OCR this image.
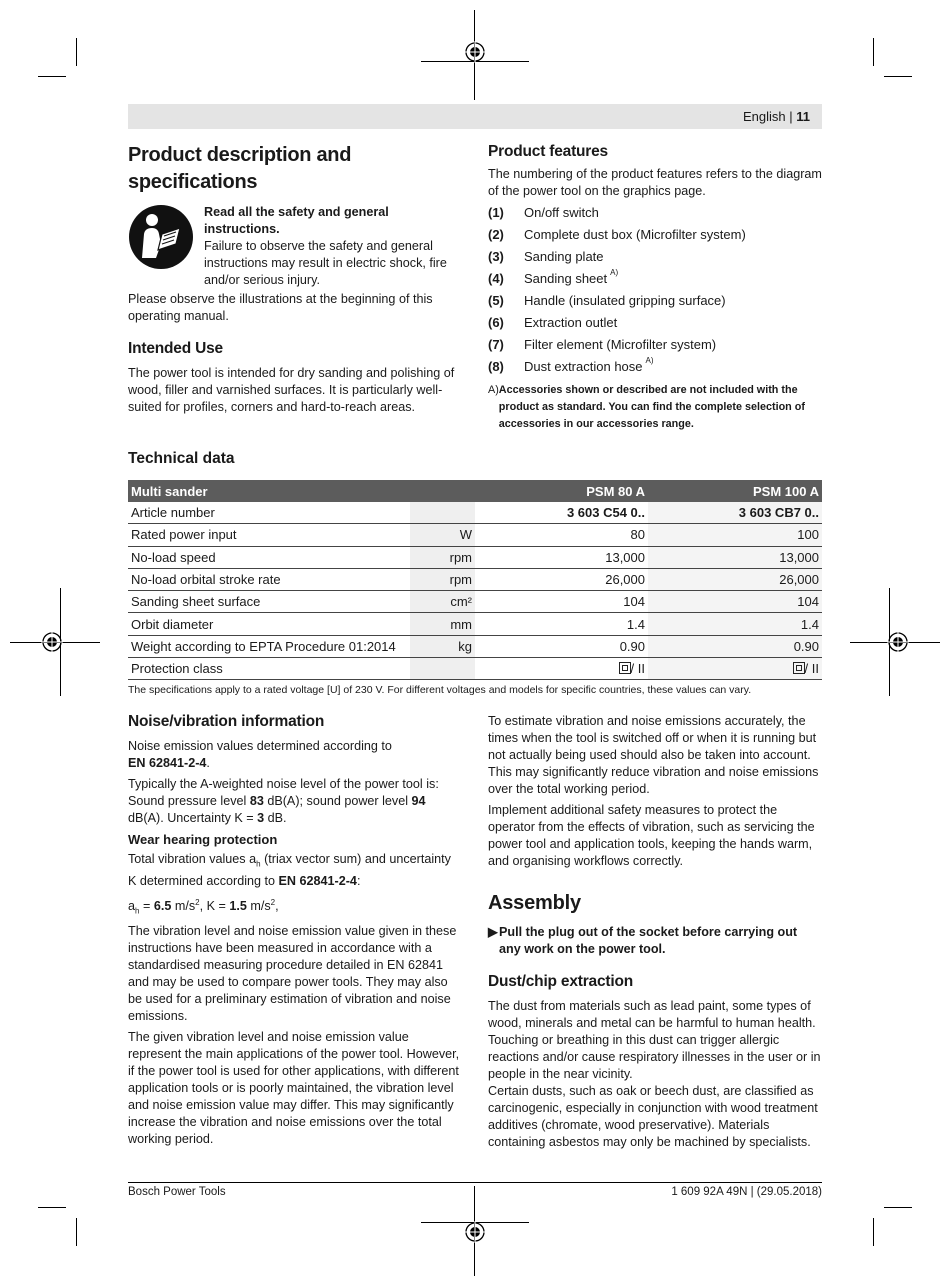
English | 11
Product description and specifications
Read all the safety and general instructions.
Failure to observe the safety and general instructions may result in electric shock, fire and/or serious injury.

Please observe the illustrations at the beginning of this operating manual.

Intended Use

The power tool is intended for dry sanding and polishing of wood, filler and varnished surfaces. It is particularly well-suited for profiles, corners and hard-to-reach areas.

Product features

The numbering of the product features refers to the diagram of the power tool on the graphics page.

(1)	On/off switch
(2)	Complete dust box (Microfilter system)
(3)	Sanding plate
(4)	Sanding sheet A)
(5)	Handle (insulated gripping surface)
(6)	Extraction outlet
(7)	Filter element (Microfilter system)
(8)	Dust extraction hose A)
A) Accessories shown or described are not included with the product as standard. You can find the complete selection of accessories in our accessories range.
Technical data
Multi sander		PSM 80 A	PSM 100 A
Article number		3 603 C54 0..	3 603 CB7 0..
Rated power input	W	80	100
No-load speed	rpm	13,000	13,000
No-load orbital stroke rate	rpm	26,000	26,000
Sanding sheet surface	cm²	104	104
Orbit diameter	mm	1.4	1.4
Weight according to EPTA Procedure 01:2014	kg	0.90	0.90
Protection class		/ II	/ II
The specifications apply to a rated voltage [U] of 230 V. For different voltages and models for specific countries, these values can vary.
Noise/vibration information

Noise emission values determined according to
EN 62841-2-4.

Typically the A-weighted noise level of the power tool is: Sound pressure level 83 dB(A); sound power level 94
dB(A). Uncertainty K = 3 dB.

Wear hearing protection

Total vibration values $a_h$ (triax vector sum) and uncertainty K determined according to EN 62841-2-4:

$a_h = 6.5$ $m/s^2$, K = 1.5 $m/s^2$,

The vibration level and noise emission value given in these instructions have been measured in accordance with a standardised measuring procedure detailed in EN 62841 and may be used to compare power tools. They may also be used for a preliminary estimation of vibration and noise emissions.

The given vibration level and noise emission value represent the main applications of the power tool. However, if the power tool is used for other applications, with different application tools or is poorly maintained, the vibration level and noise emission value may differ. This may significantly increase the vibration and noise emissions over the total working period.

To estimate vibration and noise emissions accurately, the times when the tool is switched off or when it is running but not actually being used should also be taken into account. This may significantly reduce vibration and noise emissions over the total working period.

Implement additional safety measures to protect the operator from the effects of vibration, such as servicing the power tool and application tools, keeping the hands warm, and organising workflows correctly.

Assembly
▶ Pull the plug out of the socket before carrying out any work on the power tool.
Dust/chip extraction

The dust from materials such as lead paint, some types of wood, minerals and metal can be harmful to human health. Touching or breathing in this dust can trigger allergic reactions and/or cause respiratory illnesses in the user or in people in the near vicinity.

Certain dusts, such as oak or beech dust, are classified as carcinogenic, especially in conjunction with wood treatment additives (chromate, wood preservative). Materials containing asbestos may only be machined by specialists.

Bosch Power Tools	1 609 92A 49N | (29.05.2018)
